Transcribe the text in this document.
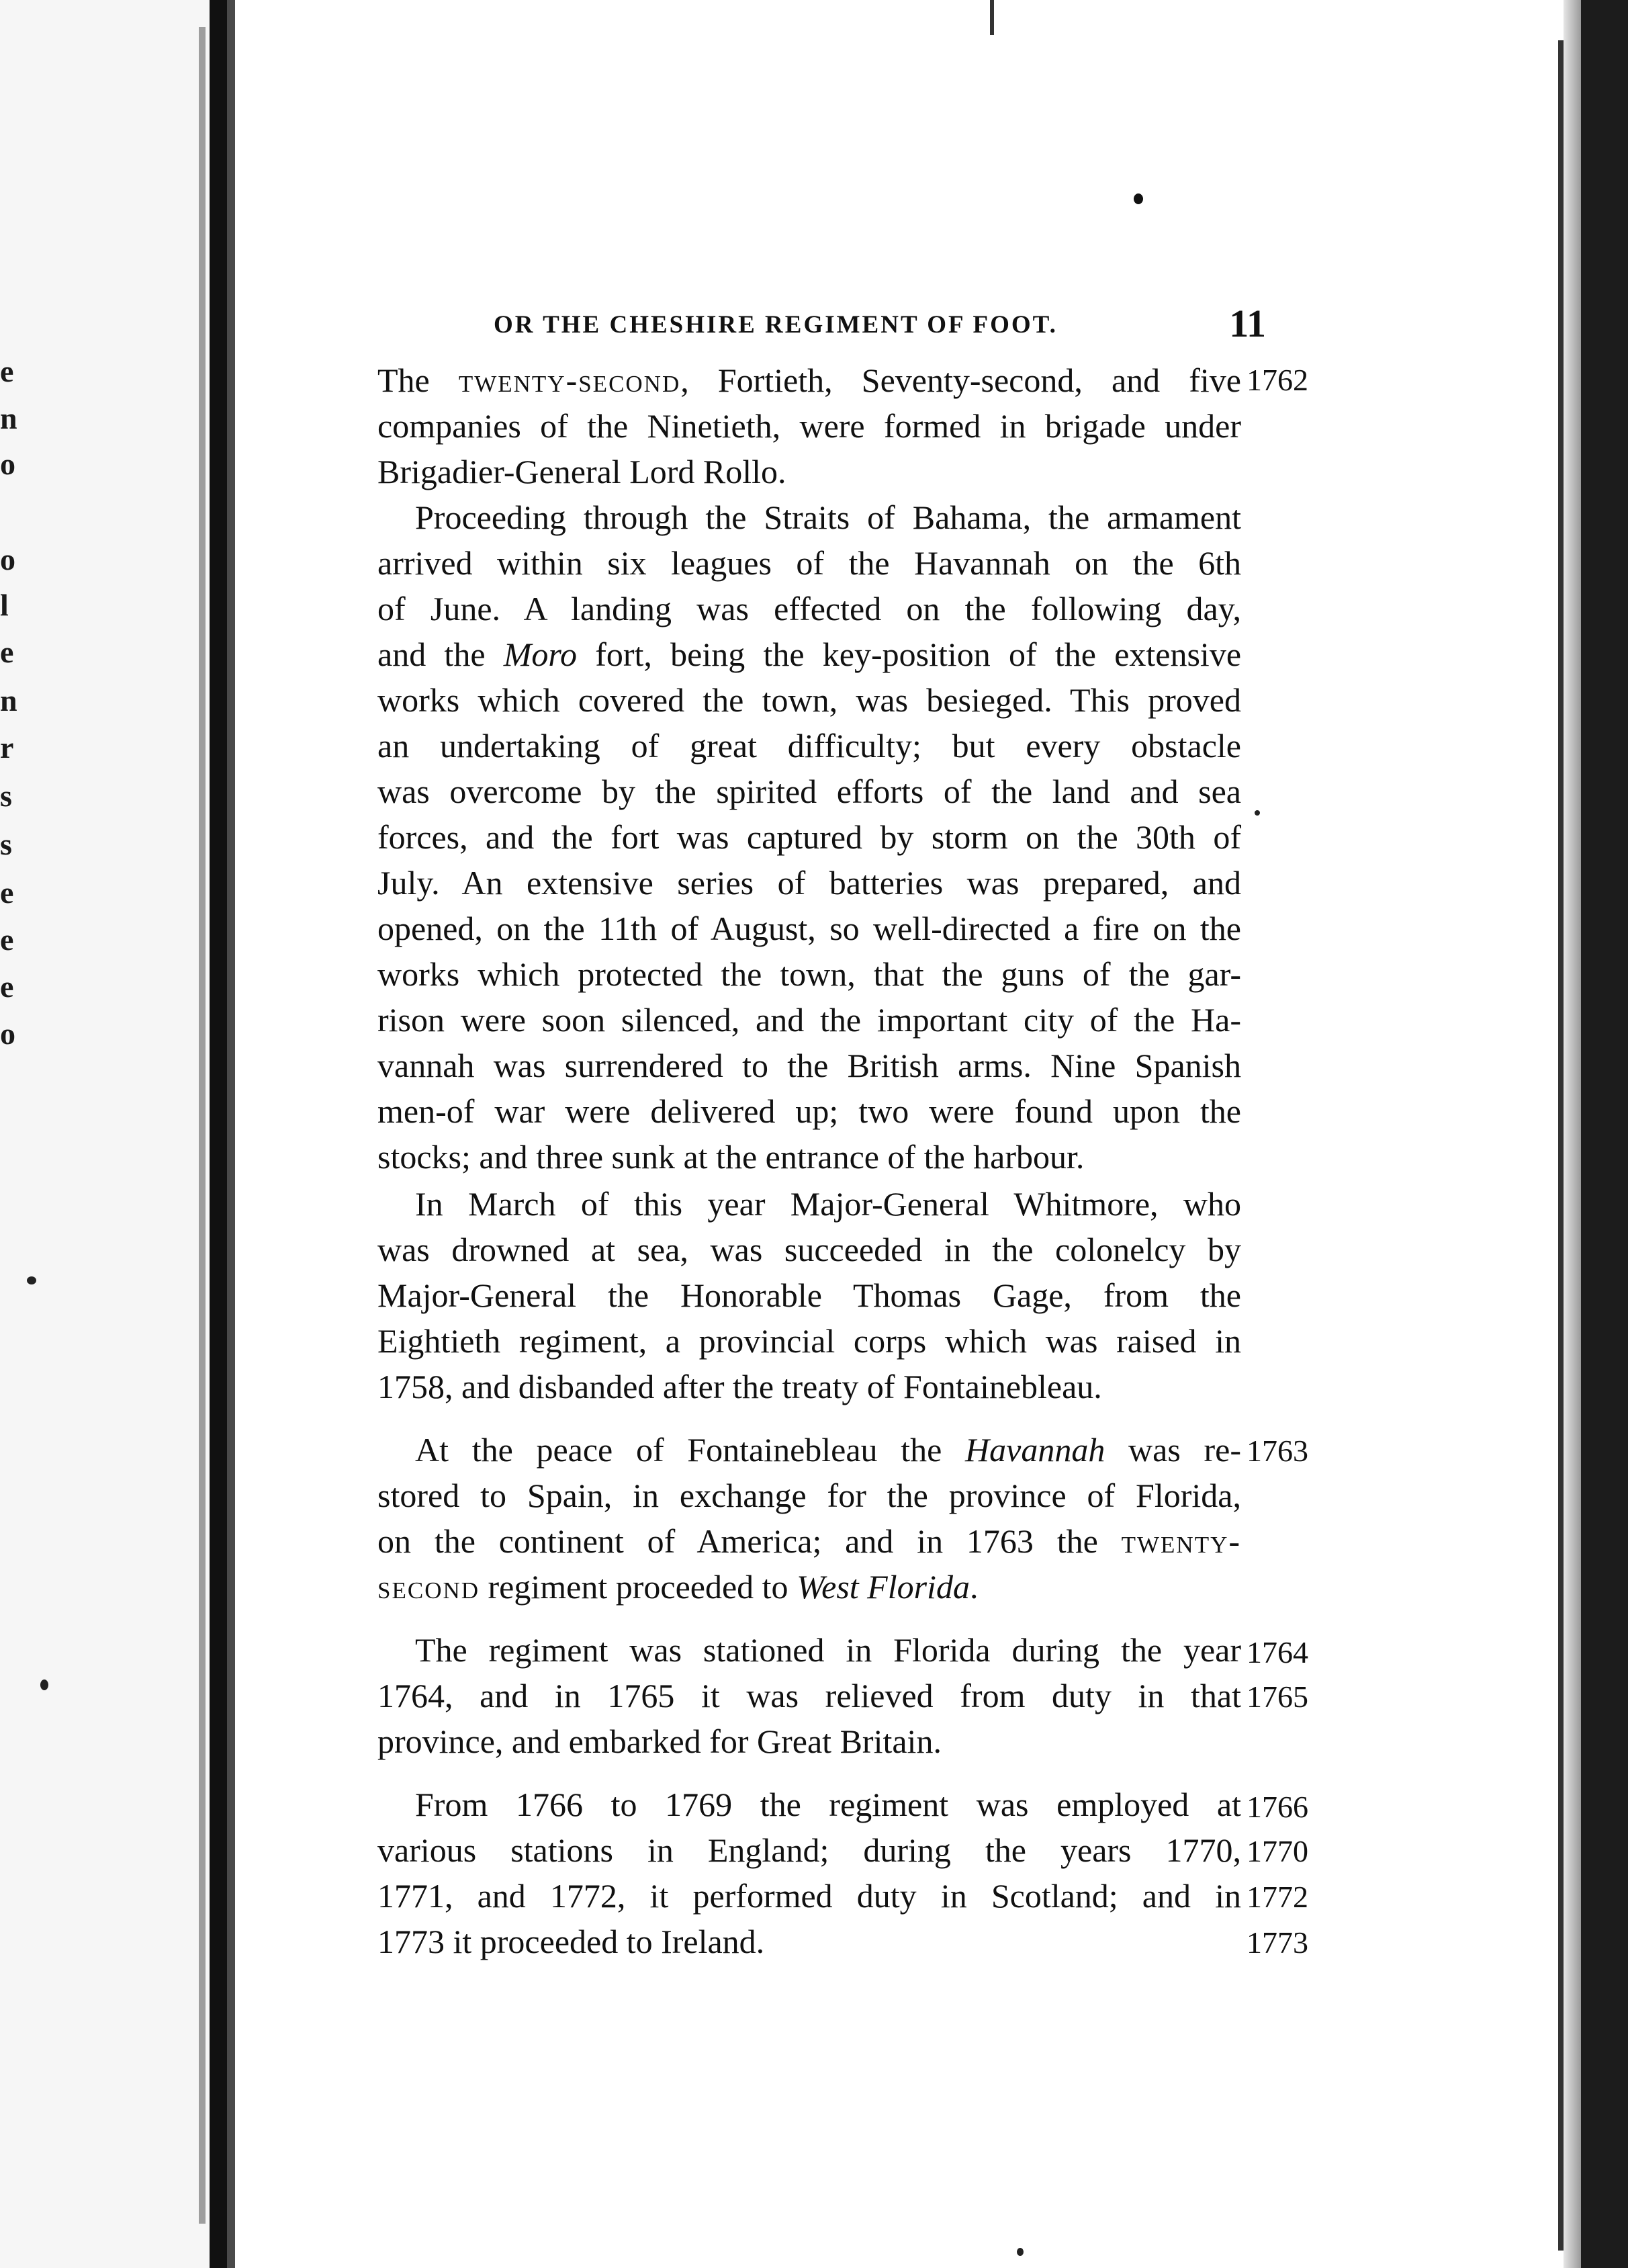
e
n
o
o
l
e
n
r
s
s
e
e
e
o
OR THE CHESHIRE REGIMENT OF FOOT.	11
The twenty-second, Fortieth, Seventy-second, and five
companies of the Ninetieth, were formed in brigade under
Brigadier-General Lord Rollo.
Proceeding through the Straits of Bahama, the armament
arrived within six leagues of the Havannah on the 6th
of June. A landing was effected on the following day,
and the Moro fort, being the key-position of the extensive
works which covered the town, was besieged. This proved
an undertaking of great difficulty; but every obstacle
was overcome by the spirited efforts of the land and sea
forces, and the fort was captured by storm on the 30th of
July. An extensive series of batteries was prepared, and
opened, on the 11th of August, so well-directed a fire on the
works which protected the town, that the guns of the gar-
rison were soon silenced, and the important city of the Ha-
vannah was surrendered to the British arms. Nine Spanish
men-of war were delivered up; two were found upon the
stocks; and three sunk at the entrance of the harbour.
In March of this year Major-General Whitmore, who
was drowned at sea, was succeeded in the colonelcy by
Major-General the Honorable Thomas Gage, from the
Eightieth regiment, a provincial corps which was raised in
1758, and disbanded after the treaty of Fontainebleau.
At the peace of Fontainebleau the Havannah was re-
stored to Spain, in exchange for the province of Florida,
on the continent of America; and in 1763 the twenty-
second regiment proceeded to West Florida.
The regiment was stationed in Florida during the year
1764, and in 1765 it was relieved from duty in that
province, and embarked for Great Britain.
From 1766 to 1769 the regiment was employed at
various stations in England; during the years 1770,
1771, and 1772, it performed duty in Scotland; and in
1773 it proceeded to Ireland.
1762
1763
1764
1765
1766
1770
1772
1773
